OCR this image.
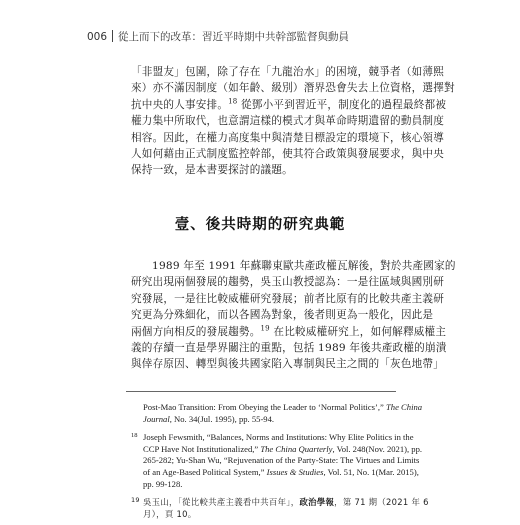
006 從上而下的改革：習近平時期中共幹部監督與動員
「非盟友」包圍，除了存在「九龍治水」的困境，競爭者（如薄熙
來）亦不滿因制度（如年齡、級別）潛界恐會失去上位資格，選擇對
抗中央的人事安排。$^{18}$ 從鄧小平到習近平，制度化的過程最終都被
權力集中所取代，也意謂這樣的模式才與革命時期遺留的動員制度
相容。因此，在權力高度集中與清楚目標設定的環境下，核心領導
人如何藉由正式制度監控幹部，使其符合政策與發展要求，與中央
保持一致，是本書要探討的議題。
壹、後共時期的研究典範
1989 年至 1991 年蘇聯東歐共產政權瓦解後，對於共產國家的
研究出現兩個發展的趨勢，吳玉山教授認為：一是往區域與國別研
究發展，一是往比較威權研究發展；前者比原有的比較共產主義研
究更為分殊細化，而以各國為對象，後者則更為一般化，因此是
兩個方向相反的發展趨勢。$^{19}$ 在比較威權研究上，如何解釋威權主
義的存續一直是學界關注的重點，包括 1989 年後共產政權的崩潰
與倖存原因、轉型與後共國家陷入專制與民主之間的「灰色地帶」
Post-Mao Transition: From Obeying the Leader to ‘Normal Politics’,” The China
Journal, No. 34(Jul. 1995), pp. 55-94.
18 Joseph Fewsmith, “Balances, Norms and Institutions: Why Elite Politics in the
CCP Have Not Institutionalized,” The China Quarterly, Vol. 248(Nov. 2021), pp.
265-282; Yu-Shan Wu, “Rejuvenation of the Party-State: The Virtues and Limits
of an Age-Based Political System,” Issues & Studies, Vol. 51, No. 1(Mar. 2015),
pp. 99-128.
19 吳玉山，「從比較共產主義看中共百年」，政治學報，第 71 期（2021 年 6
月），頁 10。
